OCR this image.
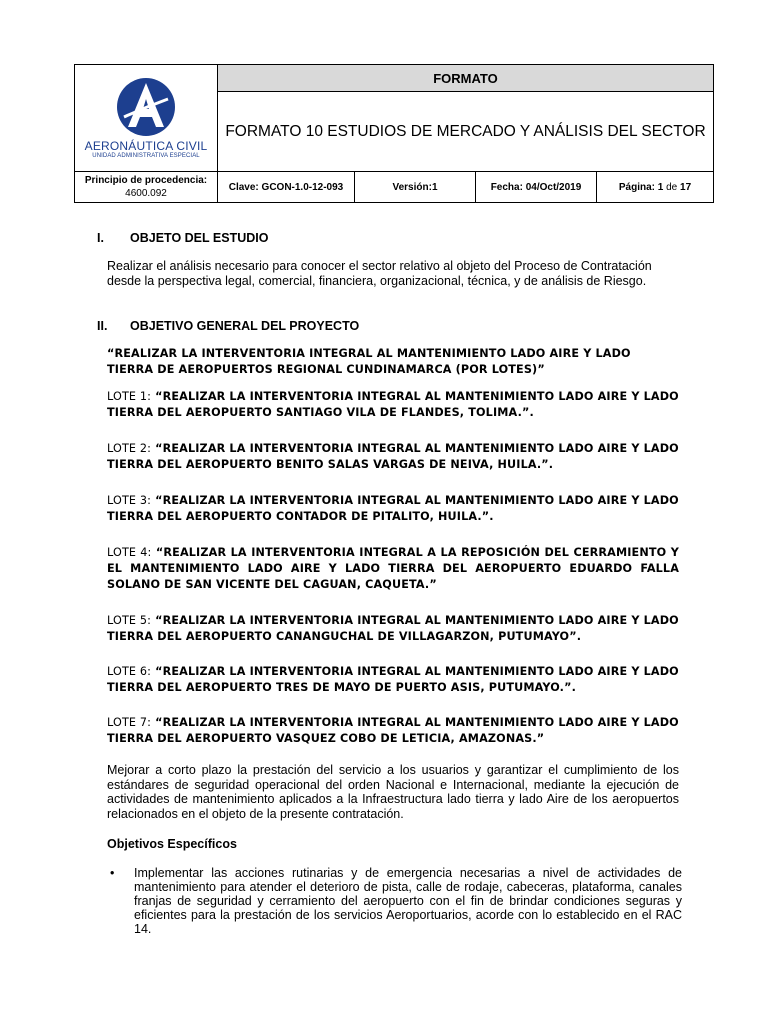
AERONÁUTICA CIVIL
UNIDAD ADMINISTRATIVA ESPECIAL	FORMATO			
	FORMATO 10 ESTUDIOS DE MERCADO Y ANÁLISIS DEL SECTOR			

Principio de procedencia:
4600.092	Clave: GCON-1.0-12-093	Versión:1	Fecha: 04/Oct/2019	Página: 1 de 17
I. OBJETO DEL ESTUDIO
Realizar el análisis necesario para conocer el sector relativo al objeto del Proceso de Contratación desde la perspectiva legal, comercial, financiera, organizacional, técnica, y de análisis de Riesgo.
II. OBJETIVO GENERAL DEL PROYECTO
“REALIZAR LA INTERVENTORIA INTEGRAL AL MANTENIMIENTO LADO AIRE Y LADO TIERRA DE AEROPUERTOS REGIONAL CUNDINAMARCA (POR LOTES)”
LOTE 1: “REALIZAR LA INTERVENTORIA INTEGRAL AL MANTENIMIENTO LADO AIRE Y LADO TIERRA DEL AEROPUERTO SANTIAGO VILA DE FLANDES, TOLIMA.”.
LOTE 2: “REALIZAR LA INTERVENTORIA INTEGRAL AL MANTENIMIENTO LADO AIRE Y LADO TIERRA DEL AEROPUERTO BENITO SALAS VARGAS DE NEIVA, HUILA.”.
LOTE 3: “REALIZAR LA INTERVENTORIA INTEGRAL AL MANTENIMIENTO LADO AIRE Y LADO TIERRA DEL AEROPUERTO CONTADOR DE PITALITO, HUILA.”.
LOTE 4: “REALIZAR LA INTERVENTORIA INTEGRAL A LA REPOSICIÓN DEL CERRAMIENTO Y EL MANTENIMIENTO LADO AIRE Y LADO TIERRA DEL AEROPUERTO EDUARDO FALLA SOLANO DE SAN VICENTE DEL CAGUAN, CAQUETA.”
LOTE 5: “REALIZAR LA INTERVENTORIA INTEGRAL AL MANTENIMIENTO LADO AIRE Y LADO TIERRA DEL AEROPUERTO CANANGUCHAL DE VILLAGARZON, PUTUMAYO”.
LOTE 6: “REALIZAR LA INTERVENTORIA INTEGRAL AL MANTENIMIENTO LADO AIRE Y LADO TIERRA DEL AEROPUERTO TRES DE MAYO DE PUERTO ASIS, PUTUMAYO.”.
LOTE 7: “REALIZAR LA INTERVENTORIA INTEGRAL AL MANTENIMIENTO LADO AIRE Y LADO TIERRA DEL AEROPUERTO VASQUEZ COBO DE LETICIA, AMAZONAS.”
Mejorar a corto plazo la prestación del servicio a los usuarios y garantizar el cumplimiento de los estándares de seguridad operacional del orden Nacional e Internacional, mediante la ejecución de actividades de mantenimiento aplicados a la Infraestructura lado tierra y lado Aire de los aeropuertos relacionados en el objeto de la presente contratación.
Objetivos Específicos
• Implementar las acciones rutinarias y de emergencia necesarias a nivel de actividades de mantenimiento para atender el deterioro de pista, calle de rodaje, cabeceras, plataforma, canales franjas de seguridad y cerramiento del aeropuerto con el fin de brindar condiciones seguras y eficientes para la prestación de los servicios Aeroportuarios, acorde con lo establecido en el RAC 14.
